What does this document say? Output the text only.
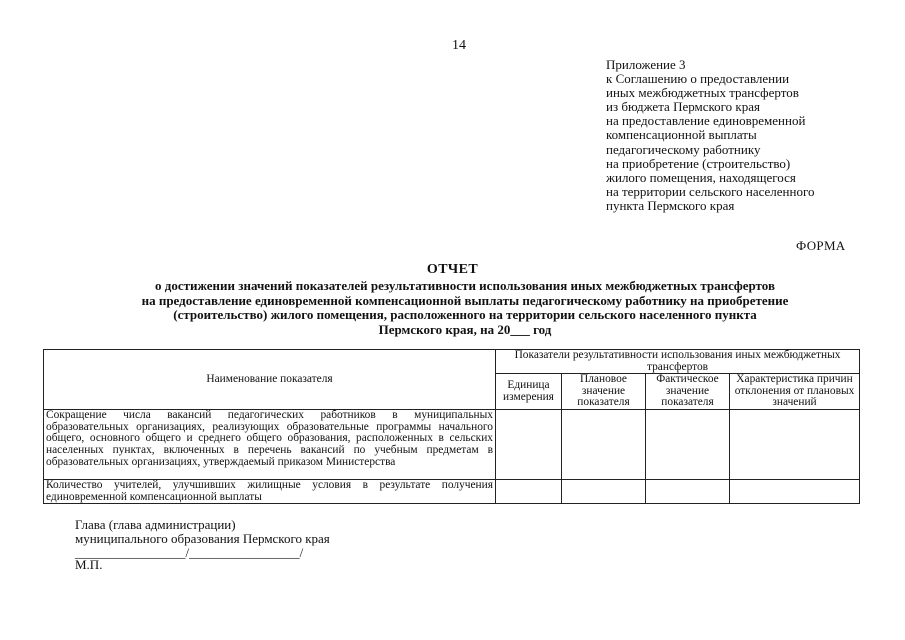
14
Приложение 3
к Соглашению о предоставлении
иных межбюджетных трансфертов
из бюджета Пермского края
на предоставление единовременной
компенсационной выплаты
педагогическому работнику
на приобретение (строительство)
жилого помещения, находящегося
на территории сельского населенного
пункта Пермского края
ФОРМА
ОТЧЕТ
о достижении значений показателей результативности использования иных межбюджетных трансфертов
на предоставление единовременной компенсационной выплаты педагогическому работнику на приобретение
(строительство) жилого помещения, расположенного на территории сельского населенного пункта
Пермского края, на 20___ год
Наименование показателя	Показатели результативности использования иных межбюджетных трансфертов			
	Единица измерения	Плановое значение показателя	Фактическое значение показателя	Характеристика причин отклонения от плановых значений
Сокращение числа вакансий педагогических работников в муниципальных образовательных организациях, реализующих образовательные программы начального общего, основного общего и среднего общего образования, расположенных в сельских населенных пунктах, включенных в перечень вакансий по учебным предметам в образовательных организациях, утверждаемый приказом Министерства				
Количество учителей, улучшивших жилищные условия в результате получения единовременной компенсационной выплаты				
Глава (глава администрации)
муниципального образования Пермского края
_________________/_________________/
М.П.
